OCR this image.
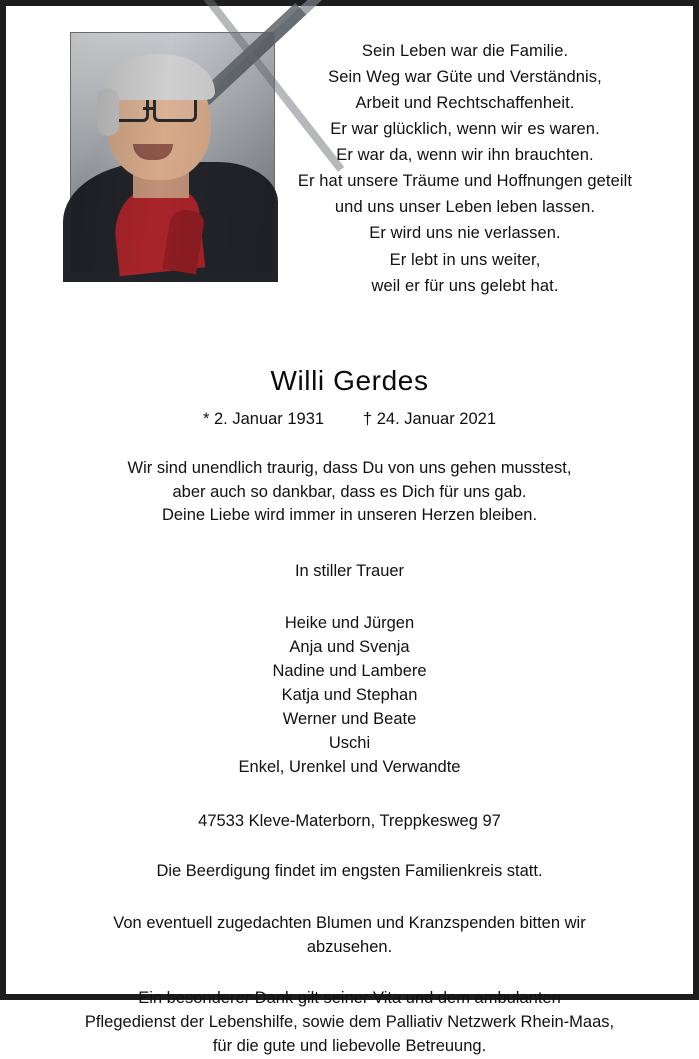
Sein Leben war die Familie.
Sein Weg war Güte und Verständnis,
Arbeit und Rechtschaffenheit.
Er war glücklich, wenn wir es waren.
Er war da, wenn wir ihn brauchten.
Er hat unsere Träume und Hoffnungen geteilt
und uns unser Leben leben lassen.
Er wird uns nie verlassen.
Er lebt in uns weiter,
weil er für uns gelebt hat.
Willi Gerdes
* 2. Januar 1931 † 24. Januar 2021
Wir sind unendlich traurig, dass Du von uns gehen musstest,
aber auch so dankbar, dass es Dich für uns gab.
Deine Liebe wird immer in unseren Herzen bleiben.
In stiller Trauer
Heike und Jürgen
Anja und Svenja
Nadine und Lambere
Katja und Stephan
Werner und Beate
Uschi
Enkel, Urenkel und Verwandte
47533 Kleve-Materborn, Treppkesweg 97
Die Beerdigung findet im engsten Familienkreis statt.
Von eventuell zugedachten Blumen und Kranzspenden bitten wir
abzusehen.
Ein besonderer Dank gilt seiner Vita und dem ambulanten
Pflegedienst der Lebenshilfe, sowie dem Palliativ Netzwerk Rhein-Maas,
für die gute und liebevolle Betreuung.
